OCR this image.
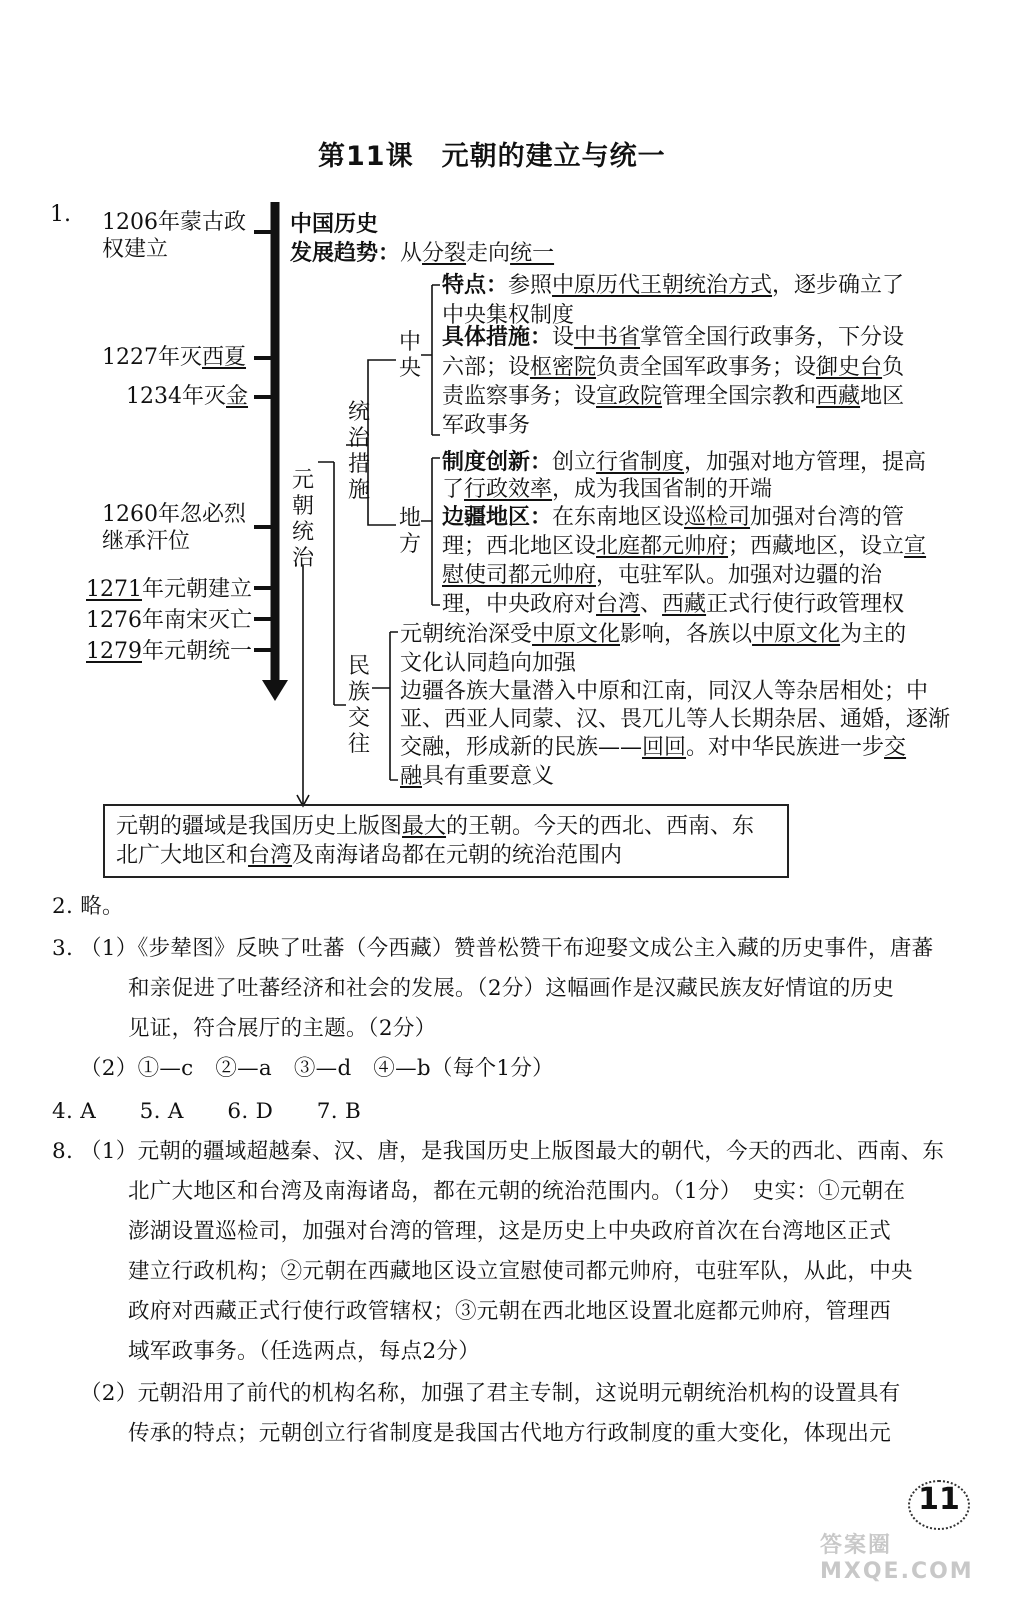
第11课　元朝的建立与统一
1. 1206年蒙古政
权建立
1227年灭西夏
1234年灭金
1260年忽必烈
继承汗位
1271年元朝建立
1276年南宋灭亡
1279年元朝统一
中国历史
发展趋势：从分裂走向统一
元朝统治
统治措施
中央
地方
民族交往
特点：参照中原历代王朝统治方式，逐步确立了
中央集权制度
具体措施：设中书省掌管全国行政事务，下分设
六部；设枢密院负责全国军政事务；设御史台负
责监察事务；设宣政院管理全国宗教和西藏地区
军政事务
制度创新：创立行省制度，加强对地方管理，提高
了行政效率，成为我国省制的开端
边疆地区：在东南地区设巡检司加强对台湾的管
理；西北地区设北庭都元帅府；西藏地区，设立宣
慰使司都元帅府，屯驻军队。加强对边疆的治
理，中央政府对台湾、西藏正式行使行政管理权
元朝统治深受中原文化影响，各族以中原文化为主的
文化认同趋向加强
边疆各族大量潜入中原和江南，同汉人等杂居相处；中
亚、西亚人同蒙、汉、畏兀儿等人长期杂居、通婚，逐渐
交融，形成新的民族——回回。对中华民族进一步交
融具有重要意义
元朝的疆域是我国历史上版图最大的王朝。今天的西北、西南、东
北广大地区和台湾及南海诸岛都在元朝的统治范围内
2. 略。
3. （1）《步辇图》反映了吐蕃（今西藏）赞普松赞干布迎娶文成公主入藏的历史事件，唐蕃
和亲促进了吐蕃经济和社会的发展。（2分）这幅画作是汉藏民族友好情谊的历史
见证，符合展厅的主题。（2分）
（2）①—c　②—a　③—d　④—b（每个1分）
4. A　　5. A　　6. D　　7. B
8. （1）元朝的疆域超越秦、汉、唐，是我国历史上版图最大的朝代，今天的西北、西南、东
北广大地区和台湾及南海诸岛，都在元朝的统治范围内。（1分）　史实：①元朝在
澎湖设置巡检司，加强对台湾的管理，这是历史上中央政府首次在台湾地区正式
建立行政机构；②元朝在西藏地区设立宣慰使司都元帅府，屯驻军队，从此，中央
政府对西藏正式行使行政管辖权；③元朝在西北地区设置北庭都元帅府，管理西
域军政事务。（任选两点，每点2分）
（2）元朝沿用了前代的机构名称，加强了君主专制，这说明元朝统治机构的设置具有
传承的特点；元朝创立行省制度是我国古代地方行政制度的重大变化，体现出元
11
答案圈 MXQE.COM
